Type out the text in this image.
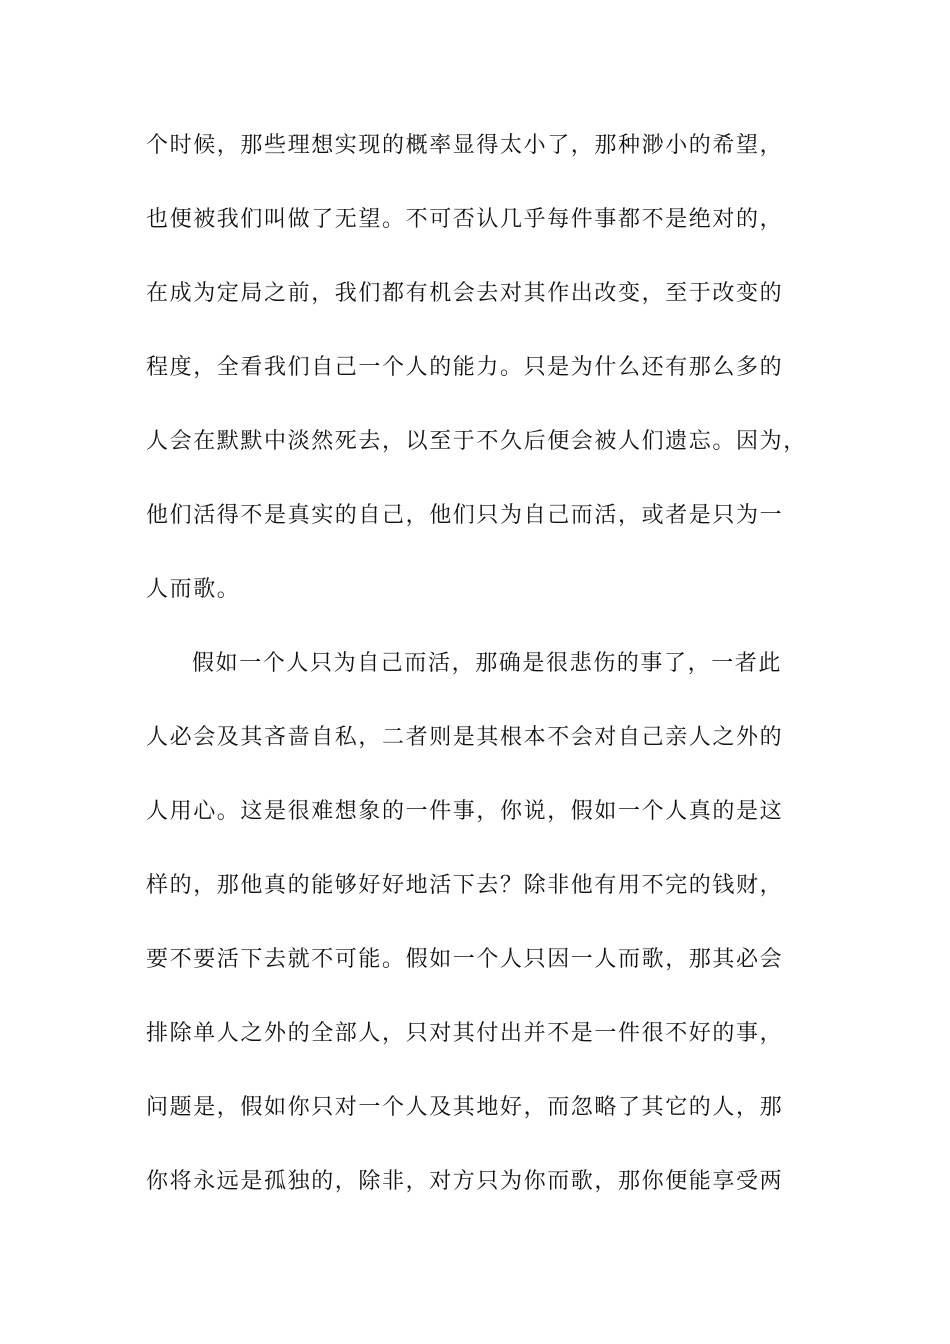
个时候，那些理想实现的概率显得太小了，那种渺小的希望，
也便被我们叫做了无望。不可否认几乎每件事都不是绝对的，
在成为定局之前，我们都有机会去对其作出改变，至于改变的
程度，全看我们自己一个人的能力。只是为什么还有那么多的
人会在默默中淡然死去，以至于不久后便会被人们遗忘。因为，
他们活得不是真实的自己，他们只为自己而活，或者是只为一
人而歌。
假如一个人只为自己而活，那确是很悲伤的事了，一者此
人必会及其吝啬自私，二者则是其根本不会对自己亲人之外的
人用心。这是很难想象的一件事，你说，假如一个人真的是这
样的，那他真的能够好好地活下去？除非他有用不完的钱财，
要不要活下去就不可能。假如一个人只因一人而歌，那其必会
排除单人之外的全部人，只对其付出并不是一件很不好的事，
问题是，假如你只对一个人及其地好，而忽略了其它的人，那
你将永远是孤独的，除非，对方只为你而歌，那你便能享受两
